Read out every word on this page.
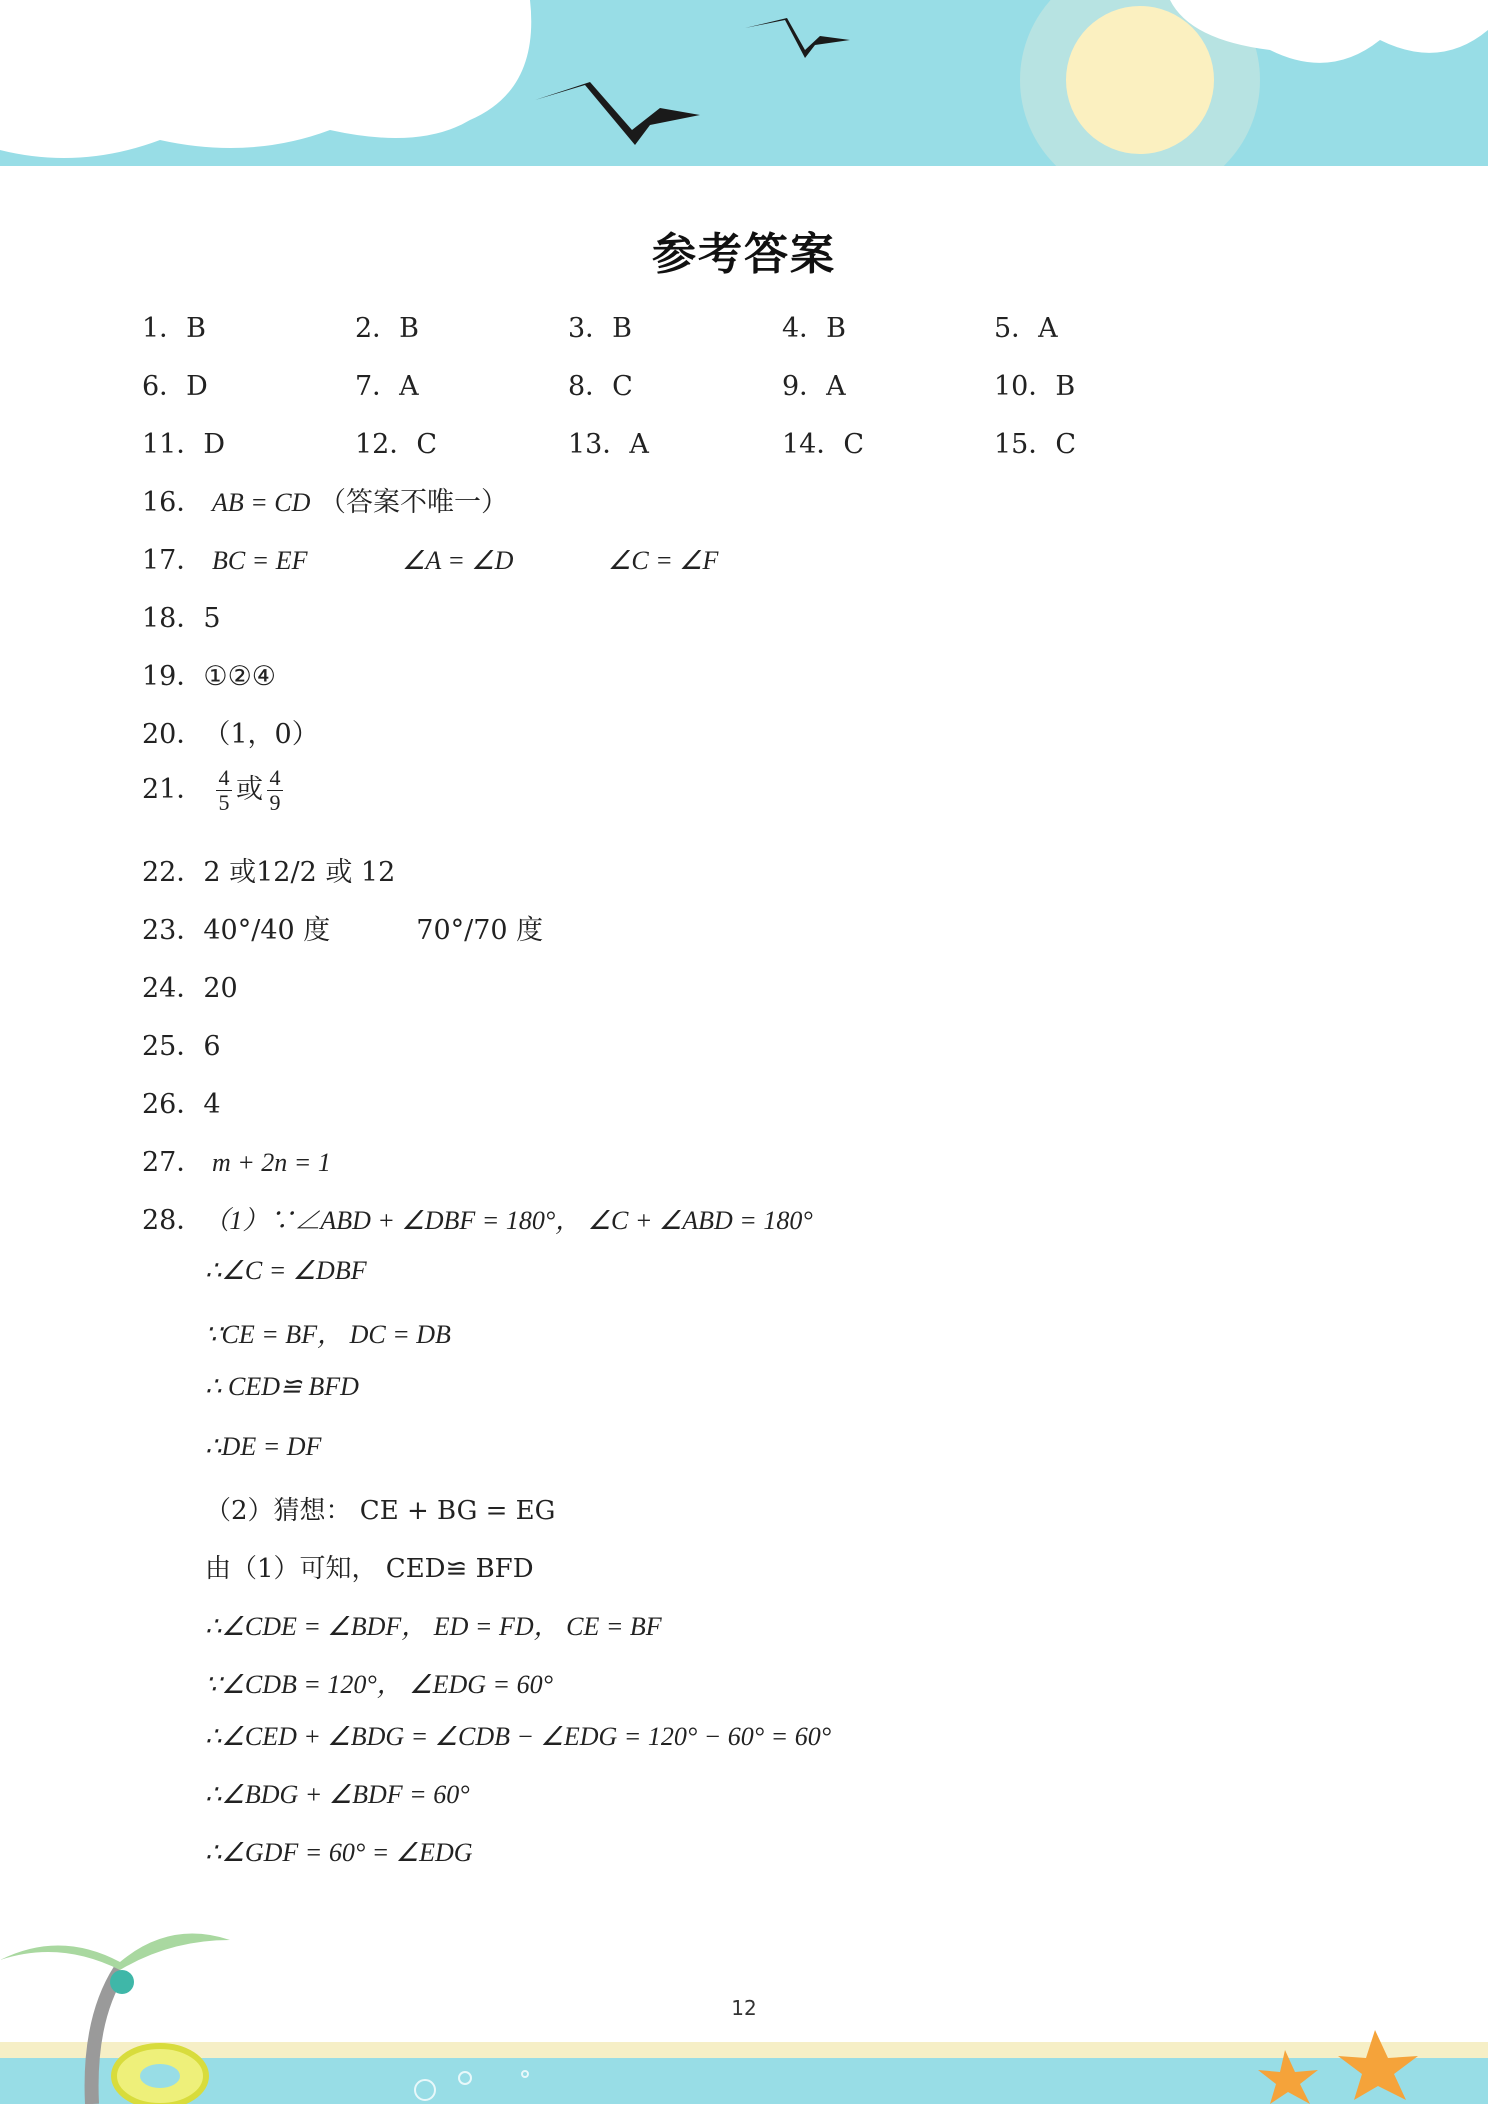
参考答案
1．B	2．B	3．B	4．B	5．A
6．D	7．A	8．C	9．A	10．B
11．D	12．C	13．A	14．C	15．C
16． AB = CD （答案不唯一）
17． BC = EF	∠A = ∠D	∠C = ∠F
18．5
19．①②④
20．（1，0）
21． $\frac{4}{5}$ 或 $\frac{4}{9}$
22．2 或12/2 或 12
23．40°/40 度	70°/70 度
24．20
25．6
26．4
27． m + 2n = 1
28．（1）∵∠ABD + ∠DBF = 180°， ∠C + ∠ABD = 180°
∴∠C = ∠DBF
∵CE = BF， DC = DB
∴ CED≌ BFD
∴DE = DF
（2）猜想： CE + BG = EG
由（1）可知， CED≌ BFD
∴∠CDE = ∠BDF， ED = FD， CE = BF
∵∠CDB = 120°， ∠EDG = 60°
∴∠CED + ∠BDG = ∠CDB − ∠EDG = 120° − 60° = 60°
∴∠BDG + ∠BDF = 60°
∴∠GDF = 60° = ∠EDG
12
